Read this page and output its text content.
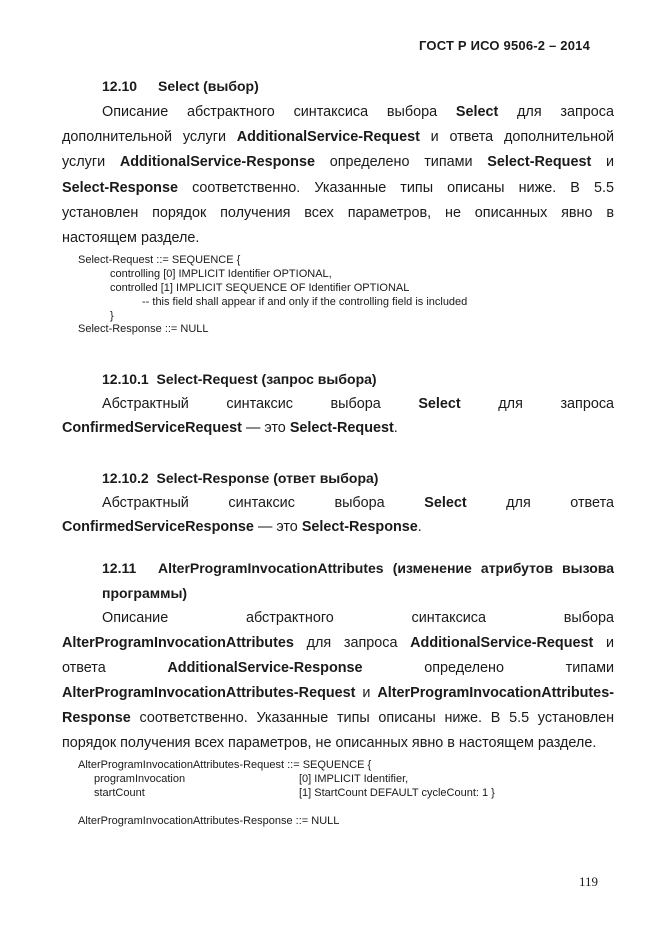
ГОСТ Р ИСО 9506-2 – 2014
12.10 Select (выбор)
Описание абстрактного синтаксиса выбора Select для запроса
дополнительной услуги AdditionalService-Request и ответа дополнительной
услуги AdditionalService-Response определено типами Select-Request и
Select-Response соответственно. Указанные типы описаны ниже. В 5.5
установлен порядок получения всех параметров, не описанных явно в
настоящем разделе.
Select-Request ::= SEQUENCE {
controlling [0] IMPLICIT Identifier OPTIONAL,
controlled [1] IMPLICIT SEQUENCE OF Identifier OPTIONAL
-- this field shall appear if and only if the controlling field is included
}
Select-Response ::= NULL
12.10.1 Select-Request (запрос выбора)
Абстрактный	синтаксис	выбора	Select	для	запроса
ConfirmedServiceRequest — это Select-Request.
12.10.2 Select-Response (ответ выбора)
Абстрактный	синтаксис	выбора	Select	для	ответа
ConfirmedServiceResponse — это Select-Response.
12.11	AlterProgramInvocationAttributes (изменение атрибутов вызова
программы)
Описание	абстрактного	синтаксиса	выбора
AlterProgramInvocationAttributes для запроса AdditionalService-Request и
ответа	AdditionalService-Response	определено	типами
AlterProgramInvocationAttributes-Request и AlterProgramInvocationAttributes-
Response соответственно. Указанные типы описаны ниже. В 5.5 установлен
порядок получения всех параметров, не описанных явно в настоящем разделе.
AlterProgramInvocationAttributes-Request ::= SEQUENCE {
programInvocation	[0] IMPLICIT Identifier,
startCount	[1] StartCount DEFAULT cycleCount: 1 }
AlterProgramInvocationAttributes-Response ::= NULL
119
